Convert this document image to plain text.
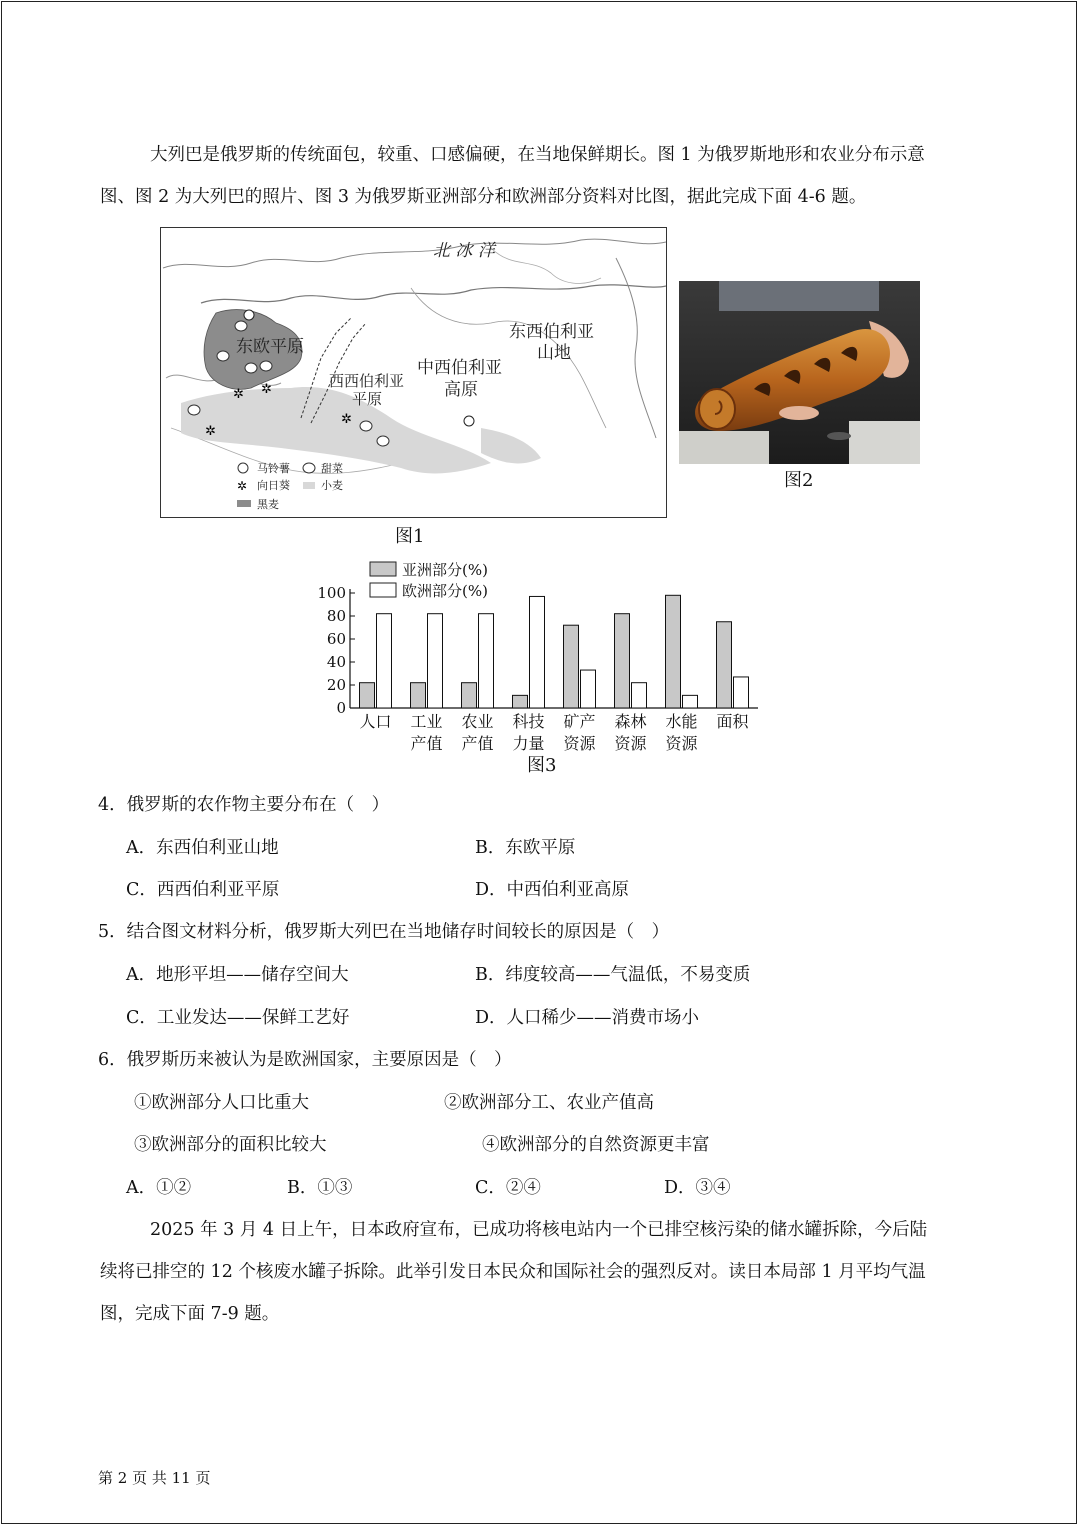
大列巴是俄罗斯的传统面包，较重、口感偏硬，在当地保鲜期长。图 1 为俄罗斯地形和农业分布示意
图、图 2 为大列巴的照片、图 3 为俄罗斯亚洲部分和欧洲部分资料对比图，据此完成下面 4-6 题。
✲ ✲
✲
✲
北 冰 洋
东欧平原
西西伯利亚
平原
中西伯利亚
高原
东西伯利亚
山地
马铃薯	甜菜
✲ 向日葵	小麦
黑麦
图1
图2
亚洲部分(%)
欧洲部分(%)
0
20
40
60
80
100
人口 工业
产值
农业
产值
科技
力量
矿产
资源
森林
资源
水能
资源
面积
图3
4．俄罗斯的农作物主要分布在（　）
A．东西伯利亚山地	B．东欧平原
C．西西伯利亚平原	D．中西伯利亚高原
5．结合图文材料分析，俄罗斯大列巴在当地储存时间较长的原因是（　）
A．地形平坦——储存空间大	B．纬度较高——气温低，不易变质
C．工业发达——保鲜工艺好	D．人口稀少——消费市场小
6．俄罗斯历来被认为是欧洲国家，主要原因是（　）
①欧洲部分人口比重大	②欧洲部分工、农业产值高
③欧洲部分的面积比较大	④欧洲部分的自然资源更丰富
A．①②	B．①③	C．②④	D．③④
2025 年 3 月 4 日上午，日本政府宣布，已成功将核电站内一个已排空核污染的储水罐拆除，今后陆
续将已排空的 12 个核废水罐子拆除。此举引发日本民众和国际社会的强烈反对。读日本局部 1 月平均气温
图，完成下面 7-9 题。
第 2 页 共 11 页
